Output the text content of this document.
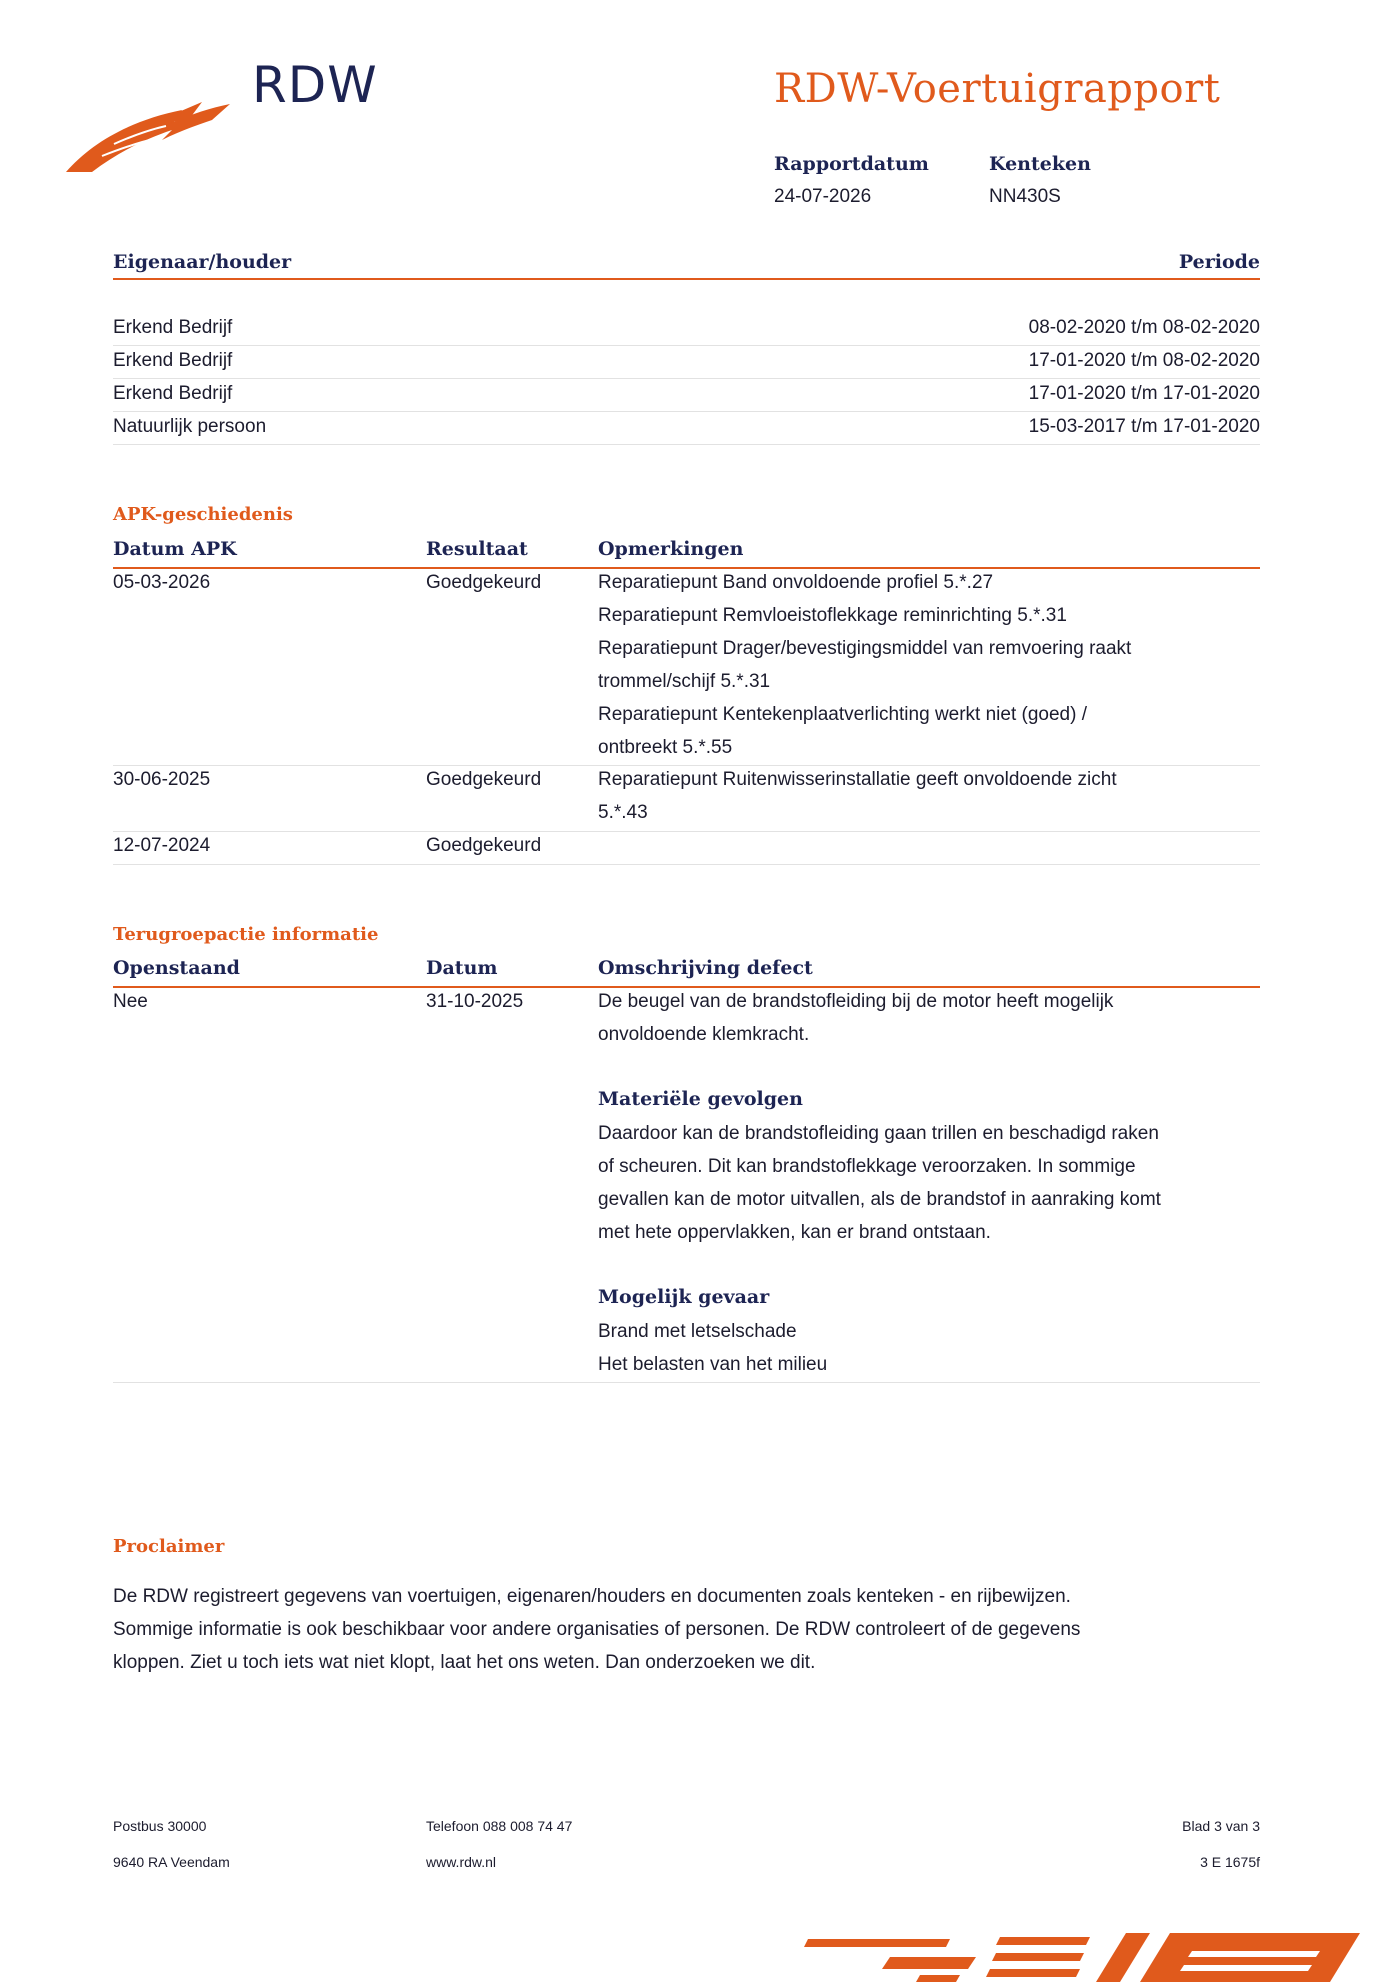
RDW	RDW-Voertuigrapport
Rapportdatum
24-07-2026
Kenteken
NN430S
Eigenaar/houder	Periode
Erkend Bedrijf	08-02-2020 t/m 08-02-2020
Erkend Bedrijf	17-01-2020 t/m 08-02-2020
Erkend Bedrijf	17-01-2020 t/m 17-01-2020
Natuurlijk persoon	15-03-2017 t/m 17-01-2020
APK-geschiedenis
Datum APK	Resultaat	Opmerkingen
05-03-2026	Goedgekeurd	Reparatiepunt Band onvoldoende profiel 5.*.27
Reparatiepunt Remvloeistoflekkage reminrichting 5.*.31
Reparatiepunt Drager/bevestigingsmiddel van remvoering raakt
trommel/schijf 5.*.31
Reparatiepunt Kentekenplaatverlichting werkt niet (goed) /
ontbreekt 5.*.55
30-06-2025	Goedgekeurd	Reparatiepunt Ruitenwisserinstallatie geeft onvoldoende zicht
5.*.43
12-07-2024	Goedgekeurd
Terugroepactie informatie
Openstaand	Datum	Omschrijving defect
Nee	31-10-2025	De beugel van de brandstofleiding bij de motor heeft mogelijk
onvoldoende klemkracht.
Materiële gevolgen
Daardoor kan de brandstofleiding gaan trillen en beschadigd raken
of scheuren. Dit kan brandstoflekkage veroorzaken. In sommige
gevallen kan de motor uitvallen, als de brandstof in aanraking komt
met hete oppervlakken, kan er brand ontstaan.
Mogelijk gevaar
Brand met letselschade
Het belasten van het milieu
Proclaimer
De RDW registreert gegevens van voertuigen, eigenaren/houders en documenten zoals kenteken - en rijbewijzen.
Sommige informatie is ook beschikbaar voor andere organisaties of personen. De RDW controleert of de gegevens
kloppen. Ziet u toch iets wat niet klopt, laat het ons weten. Dan onderzoeken we dit.
Postbus 30000
9640 RA Veendam
Telefoon 088 008 74 47
www.rdw.nl
Blad 3 van 3
3 E 1675f
